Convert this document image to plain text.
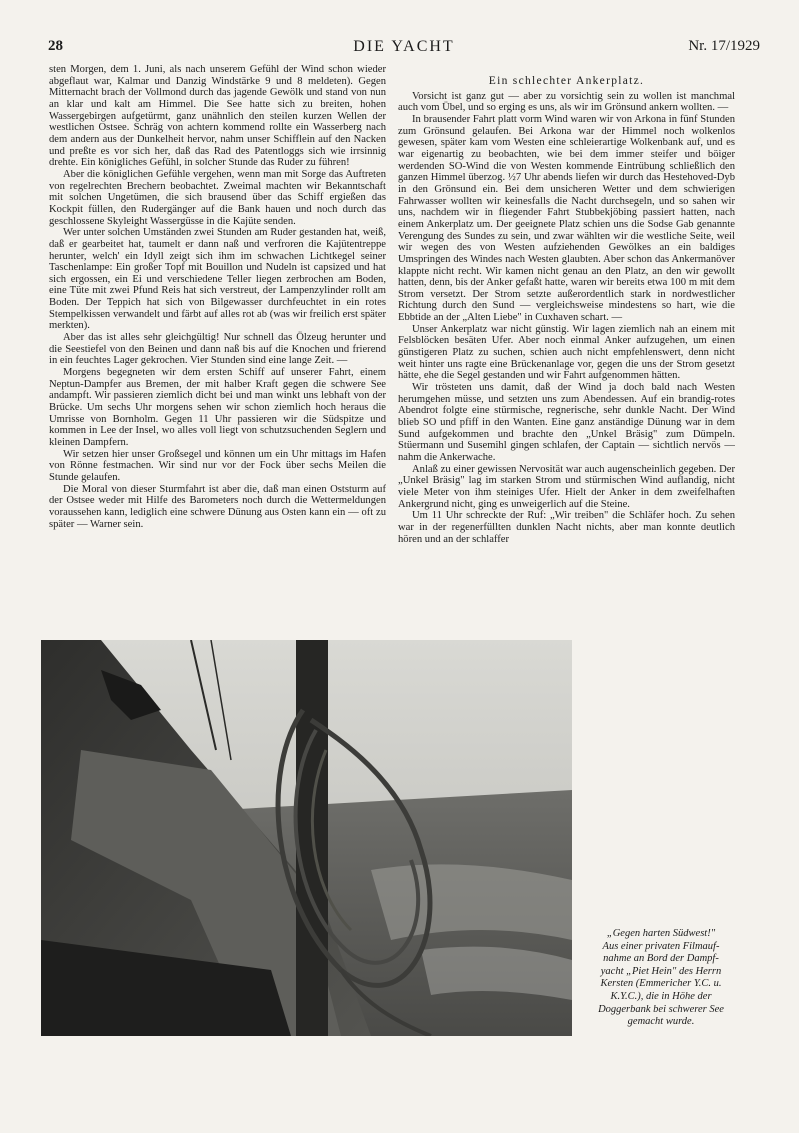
28	DIE YACHT	Nr. 17/1929

sten Morgen, dem 1. Juni, als nach unserem Gefühl der Wind schon wieder abgeflaut war, Kalmar und Danzig Windstärke 9 und 8 meldeten). Gegen Mitternacht brach der Vollmond durch das jagende Gewölk und stand von nun an klar und kalt am Himmel. Die See hatte sich zu breiten, hohen Wassergebirgen aufgetürmt, ganz unähnlich den steilen kurzen Wellen der westlichen Ostsee. Schräg von achtern kommend rollte ein Wasserberg nach dem andern aus der Dunkelheit hervor, nahm unser Schifflein auf den Nacken und preßte es vor sich her, daß das Rad des Patentloggs sich wie irrsinnig drehte. Ein königliches Gefühl, in solcher Stunde das Ruder zu führen!

Aber die königlichen Gefühle vergehen, wenn man mit Sorge das Auftreten von regelrechten Brechern beobachtet. Zweimal machten wir Bekanntschaft mit solchen Ungetümen, die sich brausend über das Schiff ergießen das Kockpit füllen, den Rudergänger auf die Bank hauen und noch durch das geschlossene Skyleight Wassergüsse in die Kajüte senden.

Wer unter solchen Umständen zwei Stunden am Ruder gestanden hat, weiß, daß er gearbeitet hat, taumelt er dann naß und verfroren die Kajütentreppe herunter, welch' ein Idyll zeigt sich ihm im schwachen Lichtkegel seiner Taschenlampe: Ein großer Topf mit Bouillon und Nudeln ist capsized und hat sich ergossen, ein Ei und verschiedene Teller liegen zerbrochen am Boden, eine Tüte mit zwei Pfund Reis hat sich verstreut, der Lampenzylinder rollt am Boden. Der Teppich hat sich von Bilgewasser durchfeuchtet in ein rotes Stempelkissen verwandelt und färbt auf alles rot ab (was wir freilich erst später merkten).

Aber das ist alles sehr gleichgültig! Nur schnell das Ölzeug herunter und die Seestiefel von den Beinen und dann naß bis auf die Knochen und frierend in ein feuchtes Lager gekrochen. Vier Stunden sind eine lange Zeit. —

Morgens begegneten wir dem ersten Schiff auf unserer Fahrt, einem Neptun-Dampfer aus Bremen, der mit halber Kraft gegen die schwere See andampft. Wir passieren ziemlich dicht bei und man winkt uns lebhaft von der Brücke. Um sechs Uhr morgens sehen wir schon ziemlich hoch heraus die Umrisse von Bornholm. Gegen 11 Uhr passieren wir die Südspitze und kommen in Lee der Insel, wo alles voll liegt von schutzsuchenden Seglern und kleinen Dampfern.

Wir setzen hier unser Großsegel und können um ein Uhr mittags im Hafen von Rönne festmachen. Wir sind nur vor der Fock über sechs Meilen die Stunde gelaufen.

Die Moral von dieser Sturmfahrt ist aber die, daß man einen Oststurm auf der Ostsee weder mit Hilfe des Barometers noch durch die Wettermeldungen voraussehen kann, lediglich eine schwere Dünung aus Osten kann ein — oft zu später — Warner sein.

Ein schlechter Ankerplatz.

Vorsicht ist ganz gut — aber zu vorsichtig sein zu wollen ist manchmal auch vom Übel, und so erging es uns, als wir im Grönsund ankern wollten. —

In brausender Fahrt platt vorm Wind waren wir von Arkona in fünf Stunden zum Grönsund gelaufen. Bei Arkona war der Himmel noch wolkenlos gewesen, später kam vom Westen eine schleierartige Wolkenbank auf, und es war eigenartig zu beobachten, wie bei dem immer steifer und böiger werdenden SO-Wind die von Westen kommende Eintrübung schließlich den ganzen Himmel überzog. ½7 Uhr abends liefen wir durch das Hestehoved-Dyb in den Grönsund ein. Bei dem unsicheren Wetter und dem schwierigen Fahrwasser wollten wir keinesfalls die Nacht durchsegeln, und so sahen wir uns, nachdem wir in fliegender Fahrt Stubbekjöbing passiert hatten, nach einem Ankerplatz um. Der geeignete Platz schien uns die Sodse Gab genannte Verengung des Sundes zu sein, und zwar wählten wir die westliche Seite, weil wir wegen des von Westen aufziehenden Gewölkes an ein baldiges Umspringen des Windes nach Westen glaubten. Aber schon das Ankermanöver klappte nicht recht. Wir kamen nicht genau an den Platz, an den wir gewollt hatten, denn, bis der Anker gefaßt hatte, waren wir bereits etwa 100 m mit dem Strom versetzt. Der Strom setzte außerordentlich stark in nordwestlicher Richtung durch den Sund — vergleichsweise mindestens so hart, wie die Ebbtide an der „Alten Liebe" in Cuxhaven schart. —

Unser Ankerplatz war nicht günstig. Wir lagen ziemlich nah an einem mit Felsblöcken besäten Ufer. Aber noch einmal Anker aufzugehen, um einen günstigeren Platz zu suchen, schien auch nicht empfehlenswert, denn nicht weit hinter uns ragte eine Brückenanlage vor, gegen die uns der Strom gesetzt hätte, ehe die Segel gestanden und wir Fahrt aufgenommen hätten.

Wir trösteten uns damit, daß der Wind ja doch bald nach Westen herumgehen müsse, und setzten uns zum Abendessen. Auf ein brandig-rotes Abendrot folgte eine stürmische, regnerische, sehr dunkle Nacht. Der Wind blieb SO und pfiff in den Wanten. Eine ganz anständige Dünung war in dem Sund aufgekommen und brachte den „Unkel Bräsig" zum Dümpeln. Stüermann und Susemihl gingen schlafen, der Captain — sichtlich nervös — nahm die Ankerwache.

Anlaß zu einer gewissen Nervosität war auch augenscheinlich gegeben. Der „Unkel Bräsig" lag im starken Strom und stürmischen Wind auflandig, nicht viele Meter von ihm steiniges Ufer. Hielt der Anker in dem zweifelhaften Ankergrund nicht, ging es unweigerlich auf die Steine.

Um 11 Uhr schreckte der Ruf: „Wir treiben" die Schläfer hoch. Zu sehen war in der regenerfüllten dunklen Nacht nichts, aber man konnte deutlich hören und an der schlaffer

„Gegen harten Südwest!"
Aus einer privaten Filmauf-
nahme an Bord der Dampf-
yacht „Piet Hein" des Herrn
Kersten (Emmericher Y.C. u.
K.Y.C.), die in Höhe der
Doggerbank bei schwerer See
gemacht wurde.
